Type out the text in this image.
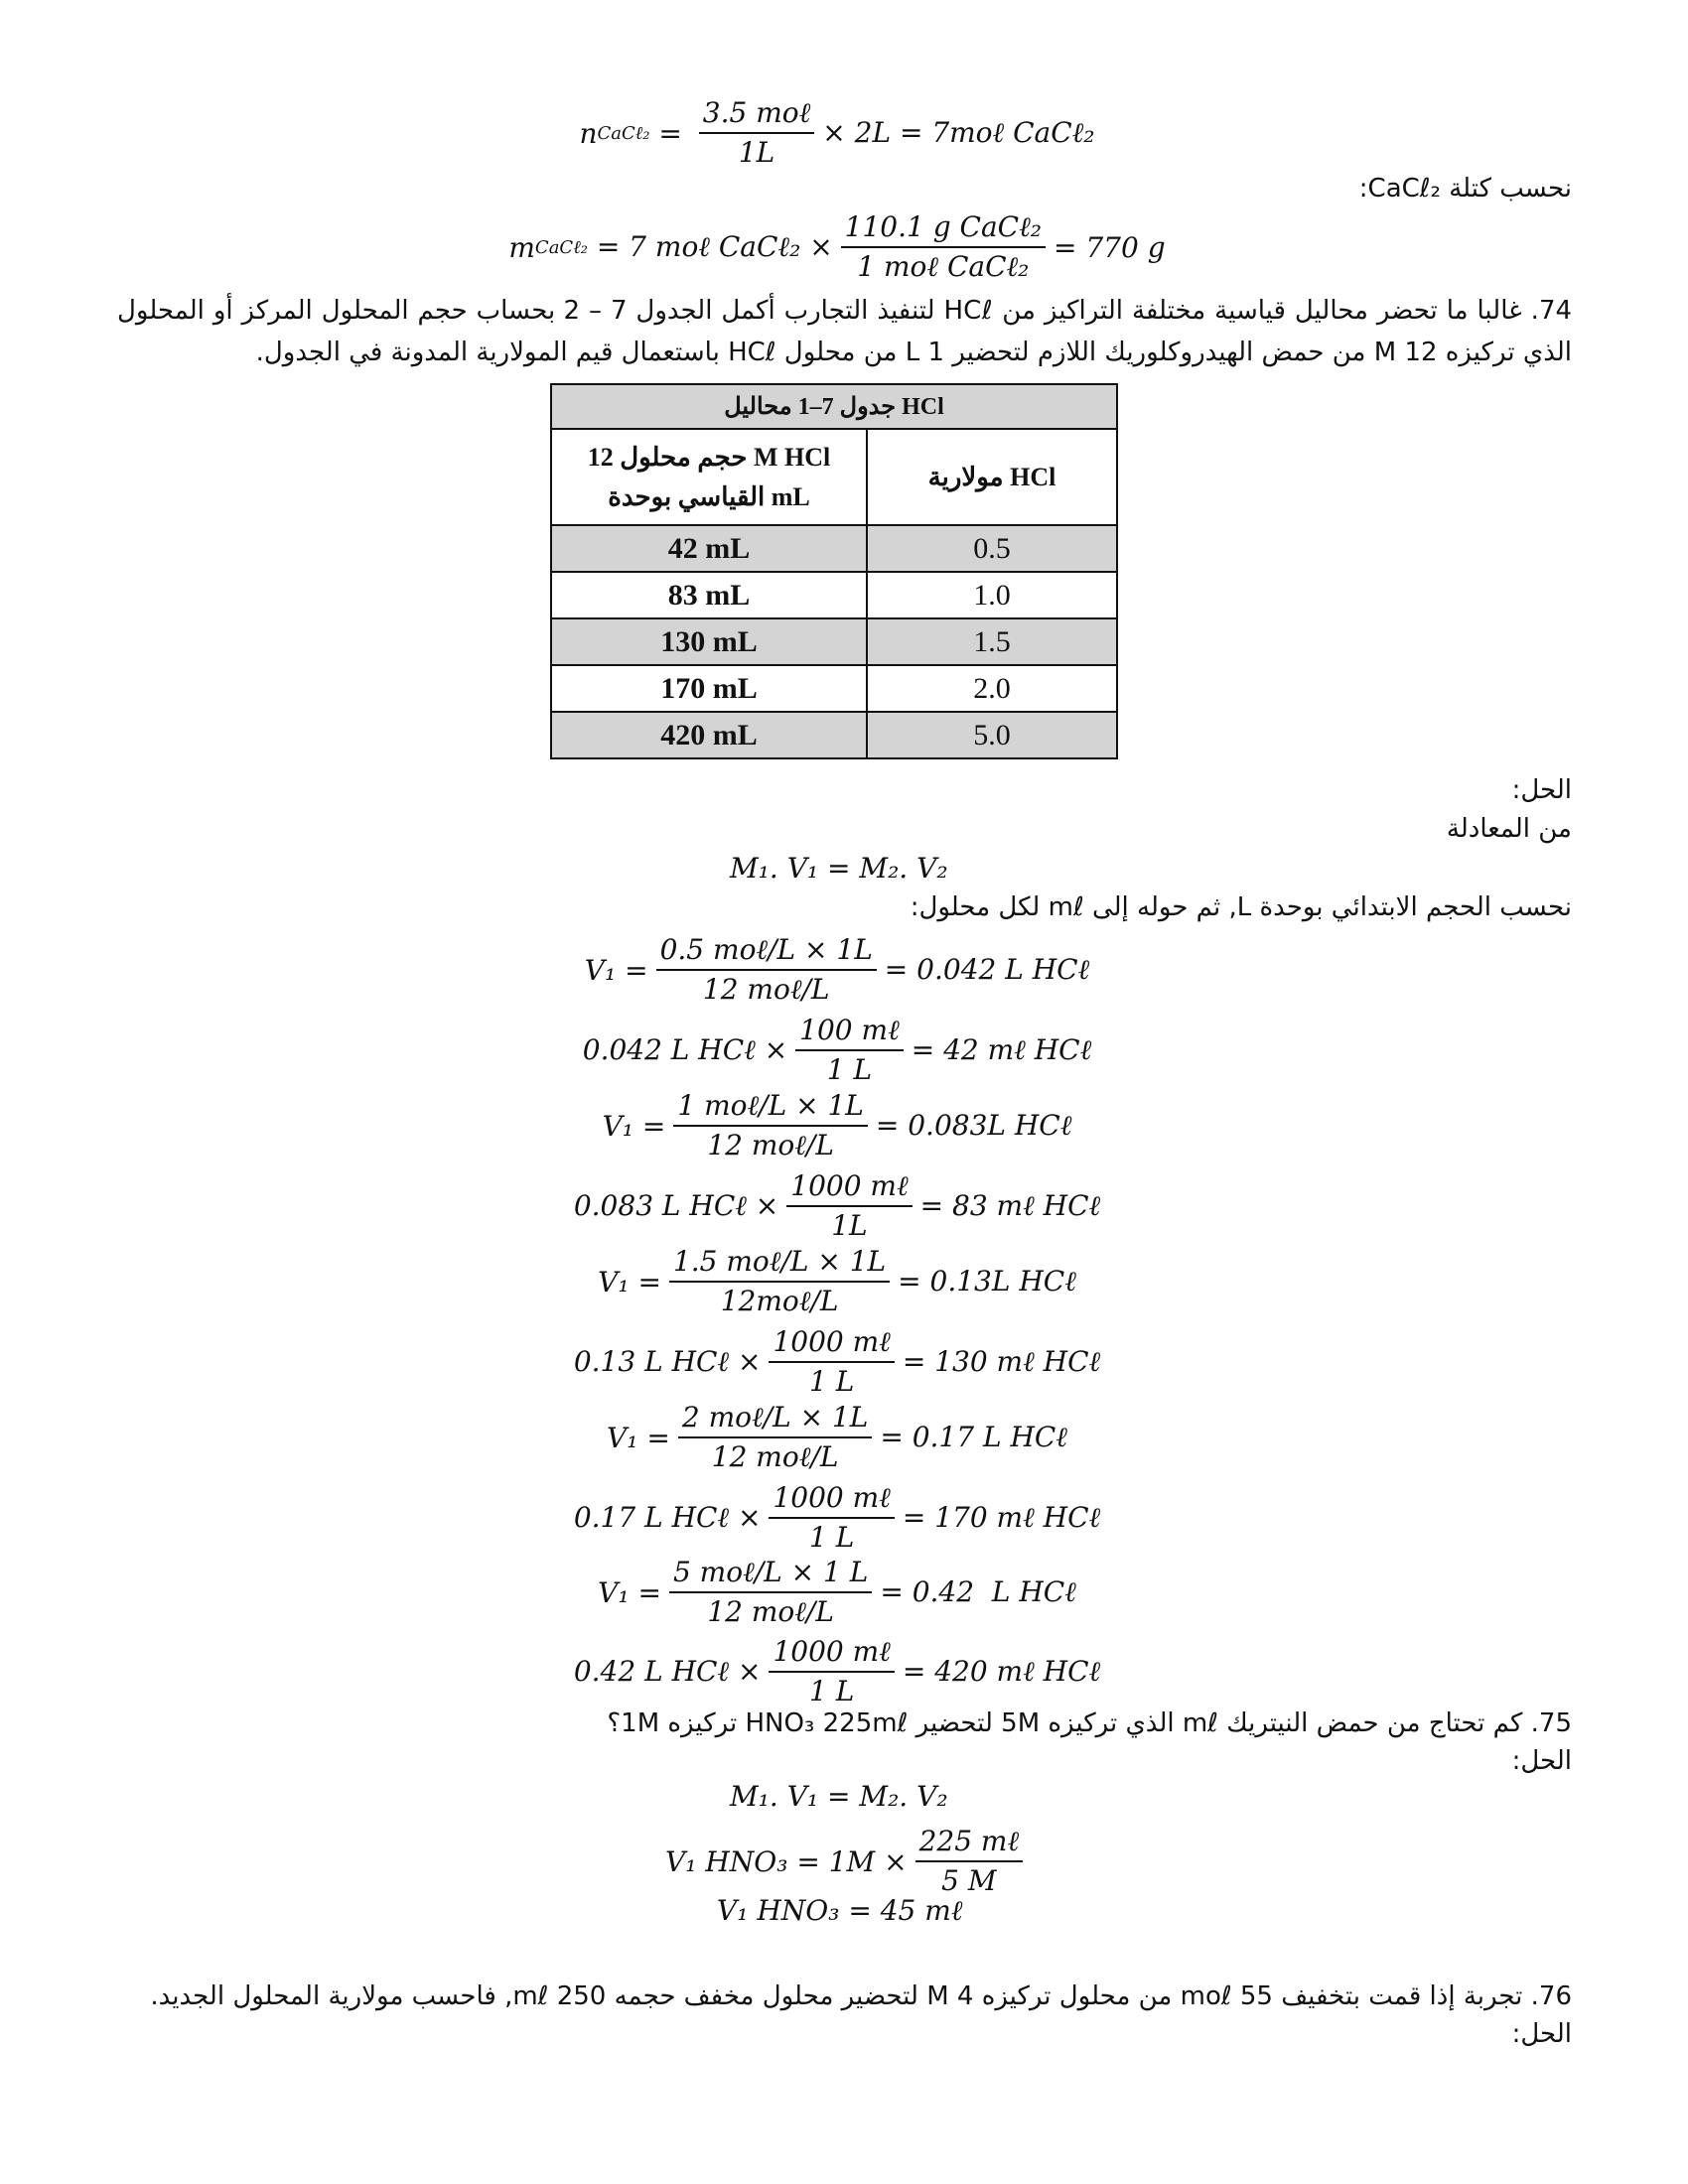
n CaCℓ₂ = $\frac{\text{3.5 moℓ}}{1L} \times 2L$ = 7moℓ CaCℓ₂
نحسب كتلة CaCℓ₂:
m CaCℓ₂ = 7 moℓ CaCℓ₂ × $\frac{\text{110.1 g CaCℓ₂}}{\text{1 moℓ CaCℓ₂}} = 770$ g
74. غالبا ما تحضر محاليل قياسية مختلفة التراكيز من HCℓ لتنفيذ التجارب أكمل الجدول 7 – 2 بحساب حجم المحلول المركز أو المحلول الذي تركيزه 12 M من حمض الهيدروكلوريك اللازم لتحضير 1 L من محلول HCℓ باستعمال قيم المولارية المدونة في الجدول.
جدول 7–1 محاليل HCl	
حجم محلول 12 M HCl
القياسي بوحدة mL	مولارية HCl
42 mL	0.5
83 mL	1.0
130 mL	1.5
170 mL	2.0
420 mL	5.0
الحل:
من المعادلة
M₁. V₁ = M₂. V₂
نحسب الحجم الابتدائي بوحدة L, ثم حوله إلى mℓ لكل محلول:
$V_1 = \frac{\text{0.5 moℓ/L × 1L}}{\text{12 moℓ/L}} = 0.042$ L HCℓ
0.042 L HCℓ × $\frac{\text{100 mℓ}}{1 L} = 42$ mℓ HCℓ
$V_1 = \frac{\text{1 moℓ/L × 1L}}{\text{12 moℓ/L}} = 0.083L$ HCℓ
0.083 L HCℓ × $\frac{\text{1000 mℓ}}{1L} = 83$ mℓ HCℓ
$V_1 = \frac{\text{1.5 moℓ/L × 1L}}{\text{12moℓ/L}} = 0.13L$ HCℓ
0.13 L HCℓ × $\frac{\text{1000 mℓ}}{1 L} = 130$ mℓ HCℓ
$V_1 = \frac{\text{2 moℓ/L × 1L}}{\text{12 moℓ/L}} = 0.17$ L HCℓ
0.17 L HCℓ × $\frac{\text{1000 mℓ}}{1 L} = 170$ mℓ HCℓ
$V_1 = \frac{\text{5 moℓ/L × 1 L}}{\text{12 moℓ/L}} = 0.42$  L HCℓ
0.42 L HCℓ × $\frac{\text{1000 mℓ}}{1 L} = 420$ mℓ HCℓ
75. كم تحتاج من حمض النيتريك mℓ الذي تركيزه 5M لتحضير HNO₃ 225mℓ تركيزه 1M؟
الحل:
M₁. V₁ = M₂. V₂
V₁ $HNO_3 = 1M \times \frac{\text{225 mℓ}}{5 M}$
V₁ HNO₃ = 45 mℓ
76. تجربة إذا قمت بتخفيف 55 moℓ من محلول تركيزه 4 M لتحضير محلول مخفف حجمه 250 mℓ, فاحسب مولارية المحلول الجديد.
الحل:
